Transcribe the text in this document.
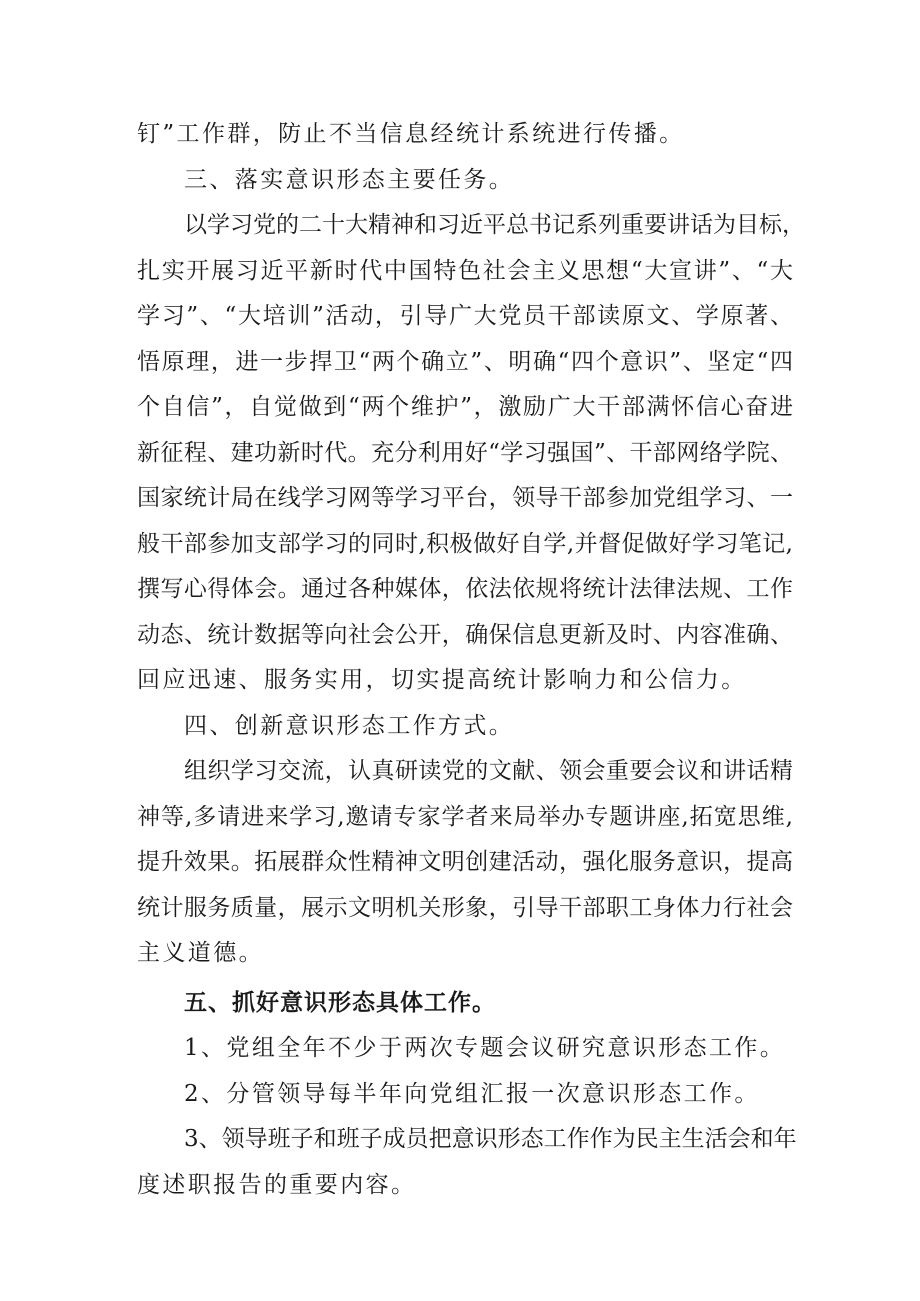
钉”工作群，防止不当信息经统计系统进行传播。
三、落实意识形态主要任务。
以学习党的二十大精神和习近平总书记系列重要讲话为目标，
扎实开展习近平新时代中国特色社会主义思想“大宣讲”、“大
学习”、“大培训”活动，引导广大党员干部读原文、学原著、
悟原理，进一步捍卫“两个确立”、明确“四个意识”、坚定“四
个自信”，自觉做到“两个维护”，激励广大干部满怀信心奋进
新征程、建功新时代。充分利用好“学习强国”、干部网络学院、
国家统计局在线学习网等学习平台，领导干部参加党组学习、一
般干部参加支部学习的同时,积极做好自学,并督促做好学习笔记,
撰写心得体会。通过各种媒体，依法依规将统计法律法规、工作
动态、统计数据等向社会公开，确保信息更新及时、内容准确、
回应迅速、服务实用，切实提高统计影响力和公信力。
四、创新意识形态工作方式。
组织学习交流，认真研读党的文献、领会重要会议和讲话精
神等,多请进来学习,邀请专家学者来局举办专题讲座,拓宽思维,
提升效果。拓展群众性精神文明创建活动，强化服务意识，提高
统计服务质量，展示文明机关形象，引导干部职工身体力行社会
主义道德。
五、抓好意识形态具体工作。
1、党组全年不少于两次专题会议研究意识形态工作。
2、分管领导每半年向党组汇报一次意识形态工作。
3、领导班子和班子成员把意识形态工作作为民主生活会和年
度述职报告的重要内容。
